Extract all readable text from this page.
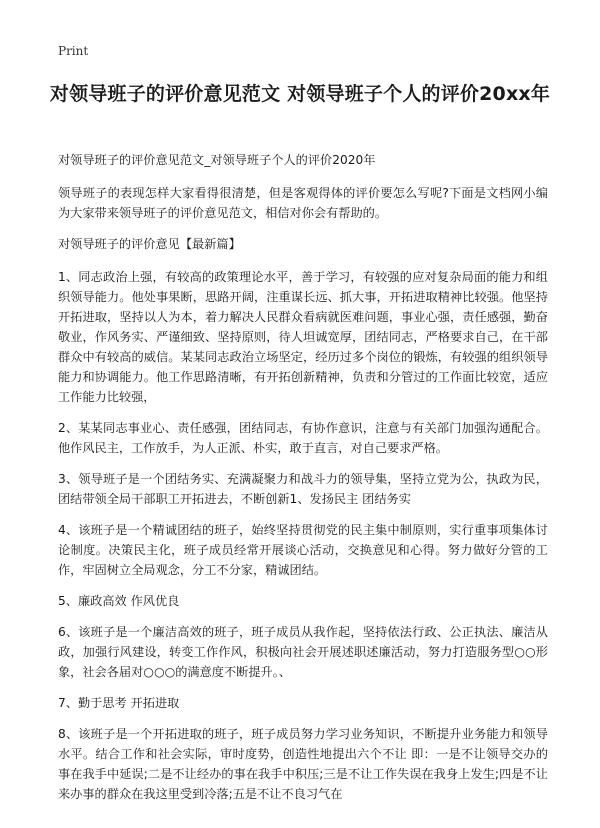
Print
对领导班子的评价意见范文 对领导班子个人的评价20xx年

对领导班子的评价意见范文_对领导班子个人的评价2020年

领导班子的表现怎样大家看得很清楚，但是客观得体的评价要怎么写呢?下面是文档网小编为大家带来领导班子的评价意见范文，相信对你会有帮助的。

对领导班子的评价意见【最新篇】

1、同志政治上强，有较高的政策理论水平，善于学习，有较强的应对复杂局面的能力和组织领导能力。他处事果断，思路开阔，注重谋长远、抓大事，开拓进取精神比较强。他坚持开拓进取，坚持以人为本，着力解决人民群众看病就医难问题，事业心强，责任感强，勤奋敬业，作风务实、严谨细致、坚持原则，待人坦诚宽厚，团结同志，严格要求自己，在干部群众中有较高的威信。某某同志政治立场坚定，经历过多个岗位的锻炼，有较强的组织领导能力和协调能力。他工作思路清晰，有开拓创新精神，负责和分管过的工作面比较宽，适应工作能力比较强，

2、某某同志事业心、责任感强，团结同志，有协作意识，注意与有关部门加强沟通配合。他作风民主，工作放手，为人正派、朴实，敢于直言，对自己要求严格。

3、领导班子是一个团结务实、充满凝聚力和战斗力的领导集，坚持立党为公，执政为民，团结带领全局干部职工开拓进去，不断创新1、发扬民主 团结务实

4、该班子是一个精诚团结的班子，始终坚持贯彻党的民主集中制原则，实行重事项集体讨论制度。决策民主化，班子成员经常开展谈心活动，交换意见和心得。努力做好分管的工作，牢固树立全局观念，分工不分家，精诚团结。

5、廉政高效 作风优良

6、该班子是一个廉洁高效的班子，班子成员从我作起，坚持依法行政、公正执法、廉洁从政，加强行风建设，转变工作作风，积极向社会开展述职述廉活动，努力打造服务型○○形象，社会各届对○○○的满意度不断提升。、

7、勤于思考 开拓进取

8、该班子是一个开拓进取的班子，班子成员努力学习业务知识，不断提升业务能力和领导水平。结合工作和社会实际，审时度势，创造性地提出六个不让 即：一是不让领导交办的事在我手中延误;二是不让经办的事在我手中积压;三是不让工作失误在我身上发生;四是不让来办事的群众在我这里受到冷落;五是不让不良习气在
